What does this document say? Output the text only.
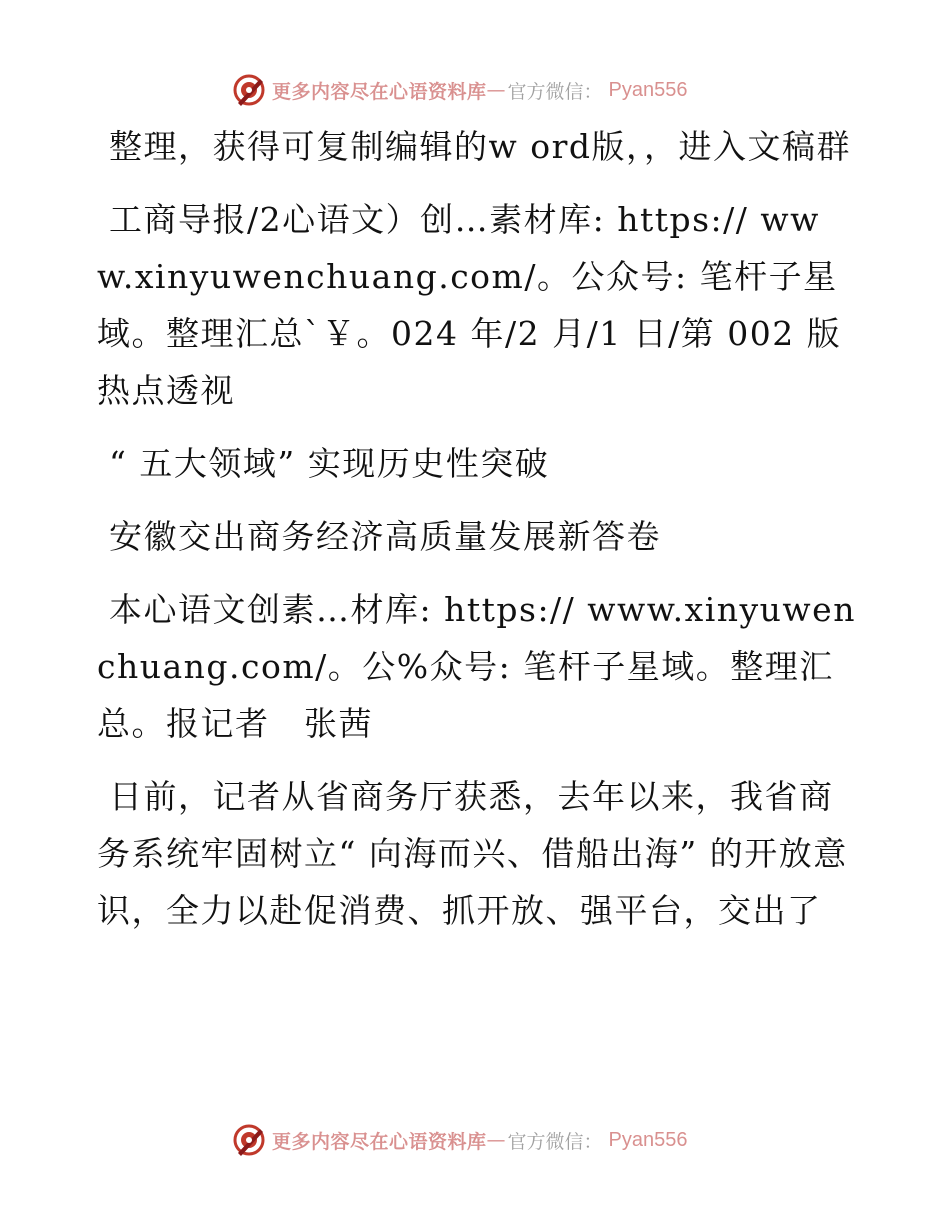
更多内容尽在心语资料库 — 官方微信： Pyan556

整理，获得可复制编辑的w ord版，，进入文稿群

工商导报/2心语文）创…素材库: https:// www.xinyuwenchuang.com/。公众号: 笔杆子星域。整理汇总`￥。024 年/2 月/1 日/第 002 版 热点透视

“ 五大领域” 实现历史性突破

安徽交出商务经济高质量发展新答卷

本心语文创素…材库: https:// www.xinyuwenchuang.com/。公%众号: 笔杆子星域。整理汇总。报记者　张茜

日前，记者从省商务厅获悉，去年以来，我省商务系统牢固树立“ 向海而兴、借船出海” 的开放意识，全力以赴促消费、抓开放、强平台，交出了

更多内容尽在心语资料库 — 官方微信： Pyan556
